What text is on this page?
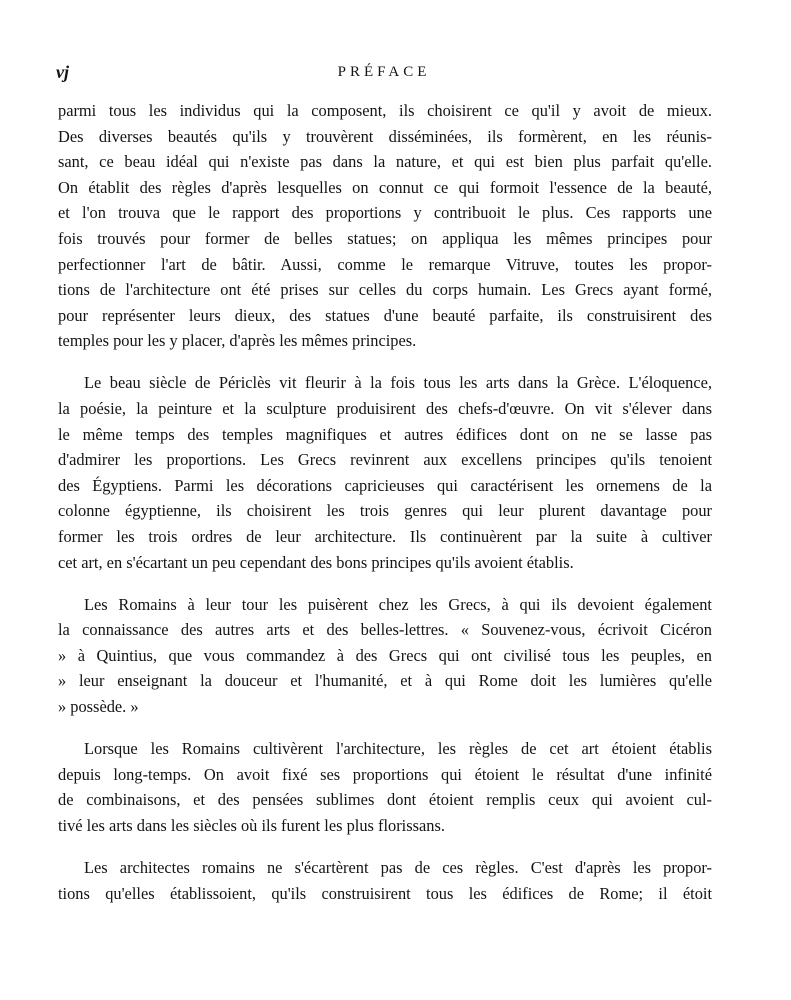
vj	PRÉFACE

parmi tous les individus qui la composent, ils choisirent ce qu'il y avoit de mieux.
Des diverses beautés qu'ils y trouvèrent disséminées, ils formèrent, en les réunis-
sant, ce beau idéal qui n'existe pas dans la nature, et qui est bien plus parfait qu'elle.
On établit des règles d'après lesquelles on connut ce qui formoit l'essence de la beauté,
et l'on trouva que le rapport des proportions y contribuoit le plus. Ces rapports une
fois trouvés pour former de belles statues; on appliqua les mêmes principes pour
perfectionner l'art de bâtir. Aussi, comme le remarque Vitruve, toutes les propor-
tions de l'architecture ont été prises sur celles du corps humain. Les Grecs ayant formé,
pour représenter leurs dieux, des statues d'une beauté parfaite, ils construisirent des
temples pour les y placer, d'après les mêmes principes.

Le beau siècle de Périclès vit fleurir à la fois tous les arts dans la Grèce. L'éloquence,
la poésie, la peinture et la sculpture produisirent des chefs-d'œuvre. On vit s'élever dans
le même temps des temples magnifiques et autres édifices dont on ne se lasse pas
d'admirer les proportions. Les Grecs revinrent aux excellens principes qu'ils tenoient
des Égyptiens. Parmi les décorations capricieuses qui caractérisent les ornemens de la
colonne égyptienne, ils choisirent les trois genres qui leur plurent davantage pour
former les trois ordres de leur architecture. Ils continuèrent par la suite à cultiver
cet art, en s'écartant un peu cependant des bons principes qu'ils avoient établis.

Les Romains à leur tour les puisèrent chez les Grecs, à qui ils devoient également
la connaissance des autres arts et des belles-lettres. « Souvenez-vous, écrivoit Cicéron
» à Quintius, que vous commandez à des Grecs qui ont civilisé tous les peuples, en
» leur enseignant la douceur et l'humanité, et à qui Rome doit les lumières qu'elle
» possède. »

Lorsque les Romains cultivèrent l'architecture, les règles de cet art étoient établis
depuis long-temps. On avoit fixé ses proportions qui étoient le résultat d'une infinité
de combinaisons, et des pensées sublimes dont étoient remplis ceux qui avoient cul-
tivé les arts dans les siècles où ils furent les plus florissans.

Les architectes romains ne s'écartèrent pas de ces règles. C'est d'après les propor-
tions qu'elles établissoient, qu'ils construisirent tous les édifices de Rome; il étoit
